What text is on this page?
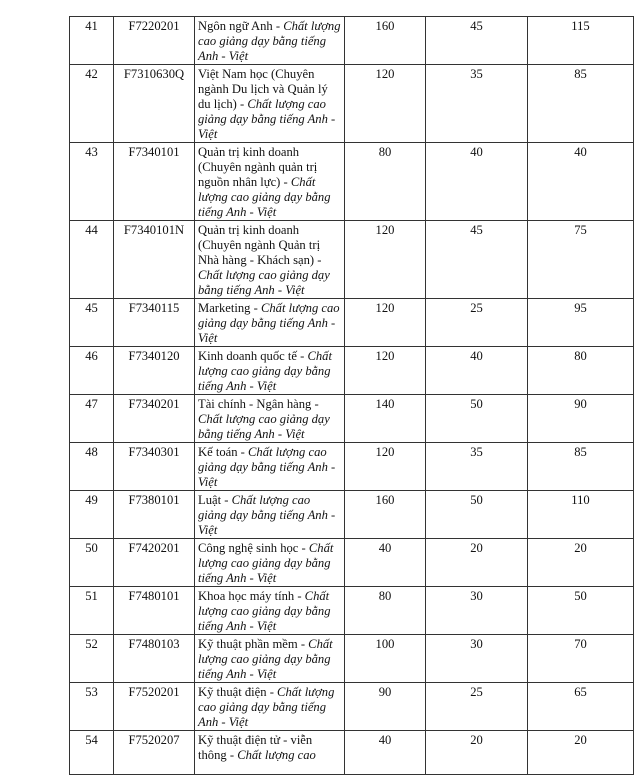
41	F7220201	Ngôn ngữ Anh - Chất lượng cao giảng dạy bằng tiếng Anh - Việt	160	45	115
42	F7310630Q	Việt Nam học (Chuyên ngành Du lịch và Quản lý du lịch) - Chất lượng cao giảng dạy bằng tiếng Anh - Việt	120	35	85
43	F7340101	Quản trị kinh doanh (Chuyên ngành quản trị nguồn nhân lực) - Chất lượng cao giảng dạy bằng tiếng Anh - Việt	80	40	40
44	F7340101N	Quản trị kinh doanh (Chuyên ngành Quản trị Nhà hàng - Khách sạn) - Chất lượng cao giảng dạy bằng tiếng Anh - Việt	120	45	75
45	F7340115	Marketing - Chất lượng cao giảng dạy bằng tiếng Anh - Việt	120	25	95
46	F7340120	Kinh doanh quốc tế - Chất lượng cao giảng dạy bằng tiếng Anh - Việt	120	40	80
47	F7340201	Tài chính - Ngân hàng - Chất lượng cao giảng dạy bằng tiếng Anh - Việt	140	50	90
48	F7340301	Kế toán - Chất lượng cao giảng dạy bằng tiếng Anh - Việt	120	35	85
49	F7380101	Luật - Chất lượng cao giảng dạy bằng tiếng Anh - Việt	160	50	110
50	F7420201	Công nghệ sinh học - Chất lượng cao giảng dạy bằng tiếng Anh - Việt	40	20	20
51	F7480101	Khoa học máy tính - Chất lượng cao giảng dạy bằng tiếng Anh - Việt	80	30	50
52	F7480103	Kỹ thuật phần mềm - Chất lượng cao giảng dạy bằng tiếng Anh - Việt	100	30	70
53	F7520201	Kỹ thuật điện - Chất lượng cao giảng dạy bằng tiếng Anh - Việt	90	25	65
54	F7520207	Kỹ thuật điện tử - viễn thông - Chất lượng cao	40	20	20
